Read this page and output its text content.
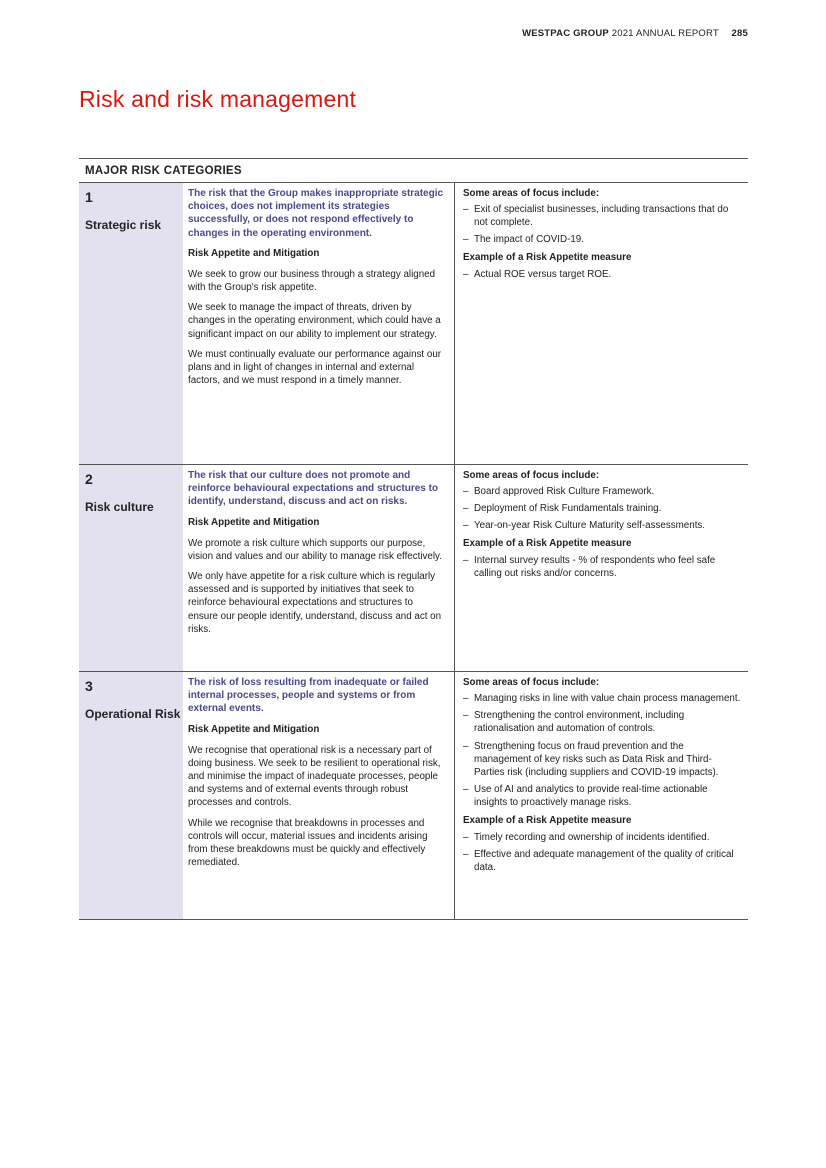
WESTPAC GROUP 2021 ANNUAL REPORT 285
Risk and risk management
MAJOR RISK CATEGORIES
1
Strategic risk
The risk that the Group makes inappropriate strategic choices, does not implement its strategies successfully, or does not respond effectively to changes in the operating environment.
Risk Appetite and Mitigation
We seek to grow our business through a strategy aligned with the Group's risk appetite.
We seek to manage the impact of threats, driven by changes in the operating environment, which could have a significant impact on our ability to implement our strategy.
We must continually evaluate our performance against our plans and in light of changes in internal and external factors, and we must respond in a timely manner.
Some areas of focus include:
– Exit of specialist businesses, including transactions that do not complete.
– The impact of COVID-19.
Example of a Risk Appetite measure
– Actual ROE versus target ROE.
2
Risk culture
The risk that our culture does not promote and reinforce behavioural expectations and structures to identify, understand, discuss and act on risks.
Risk Appetite and Mitigation
We promote a risk culture which supports our purpose, vision and values and our ability to manage risk effectively.
We only have appetite for a risk culture which is regularly assessed and is supported by initiatives that seek to reinforce behavioural expectations and structures to ensure our people identify, understand, discuss and act on risks.
Some areas of focus include:
– Board approved Risk Culture Framework.
– Deployment of Risk Fundamentals training.
– Year-on-year Risk Culture Maturity self-assessments.
Example of a Risk Appetite measure
– Internal survey results - % of respondents who feel safe calling out risks and/or concerns.
3
Operational Risk
The risk of loss resulting from inadequate or failed internal processes, people and systems or from external events.
Risk Appetite and Mitigation
We recognise that operational risk is a necessary part of doing business. We seek to be resilient to operational risk, and minimise the impact of inadequate processes, people and systems and of external events through robust processes and controls.
While we recognise that breakdowns in processes and controls will occur, material issues and incidents arising from these breakdowns must be quickly and effectively remediated.
Some areas of focus include:
– Managing risks in line with value chain process management.
– Strengthening the control environment, including rationalisation and automation of controls.
– Strengthening focus on fraud prevention and the management of key risks such as Data Risk and Third-Parties risk (including suppliers and COVID-19 impacts).
– Use of AI and analytics to provide real-time actionable insights to proactively manage risks.
Example of a Risk Appetite measure
– Timely recording and ownership of incidents identified.
– Effective and adequate management of the quality of critical data.
